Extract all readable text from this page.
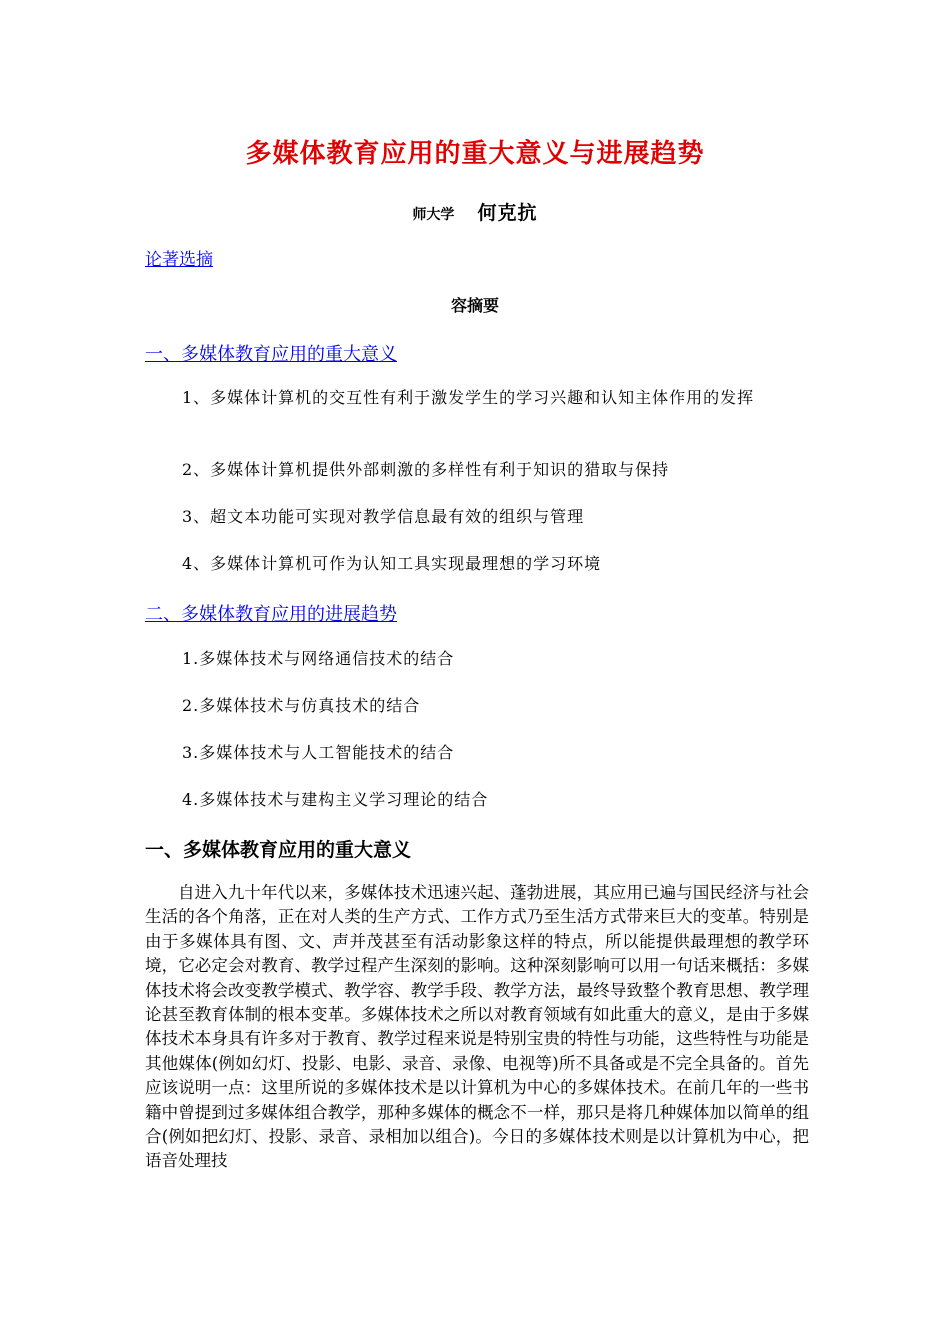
多媒体教育应用的重大意义与进展趋势
师大学 何克抗
论著选摘
容摘要
一、多媒体教育应用的重大意义
1、多媒体计算机的交互性有利于激发学生的学习兴趣和认知主体作用的发挥
2、多媒体计算机提供外部刺激的多样性有利于知识的猎取与保持
3、超文本功能可实现对教学信息最有效的组织与管理
4、多媒体计算机可作为认知工具实现最理想的学习环境
二、多媒体教育应用的进展趋势
1.多媒体技术与网络通信技术的结合
2.多媒体技术与仿真技术的结合
3.多媒体技术与人工智能技术的结合
4.多媒体技术与建构主义学习理论的结合
一、多媒体教育应用的重大意义

自进入九十年代以来，多媒体技术迅速兴起、蓬勃进展，其应用已遍与国民经济与社会生活的各个角落，正在对人类的生产方式、工作方式乃至生活方式带来巨大的变革。特别是由于多媒体具有图、文、声并茂甚至有活动影象这样的特点，所以能提供最理想的教学环境，它必定会对教育、教学过程产生深刻的影响。这种深刻影响可以用一句话来概括：多媒体技术将会改变教学模式、教学容、教学手段、教学方法，最终导致整个教育思想、教学理论甚至教育体制的根本变革。多媒体技术之所以对教育领域有如此重大的意义，是由于多媒体技术本身具有许多对于教育、教学过程来说是特别宝贵的特性与功能，这些特性与功能是其他媒体(例如幻灯、投影、电影、录音、录像、电视等)所不具备或是不完全具备的。首先应该说明一点：这里所说的多媒体技术是以计算机为中心的多媒体技术。在前几年的一些书籍中曾提到过多媒体组合教学，那种多媒体的概念不一样，那只是将几种媒体加以简单的组合(例如把幻灯、投影、录音、录相加以组合)。今日的多媒体技术则是以计算机为中心，把语音处理技
